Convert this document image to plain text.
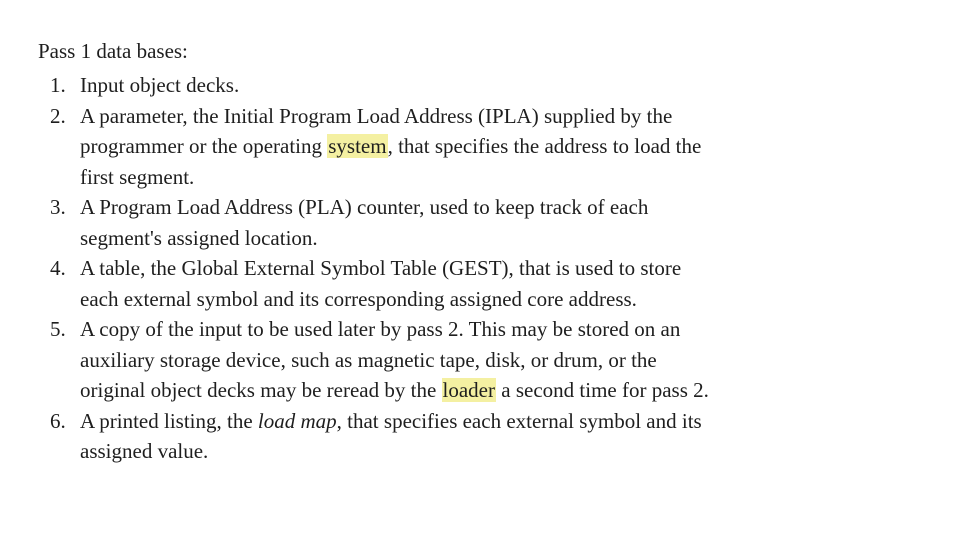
Pass 1 data bases:
1. Input object decks.
2. A parameter, the Initial Program Load Address (IPLA) supplied by the
programmer or the operating system, that specifies the address to load the
first segment.
3. A Program Load Address (PLA) counter, used to keep track of each
segment's assigned location.
4. A table, the Global External Symbol Table (GEST), that is used to store
each external symbol and its corresponding assigned core address.
5. A copy of the input to be used later by pass 2. This may be stored on an
auxiliary storage device, such as magnetic tape, disk, or drum, or the
original object decks may be reread by the loader a second time for pass 2.
6. A printed listing, the load map, that specifies each external symbol and its
assigned value.
